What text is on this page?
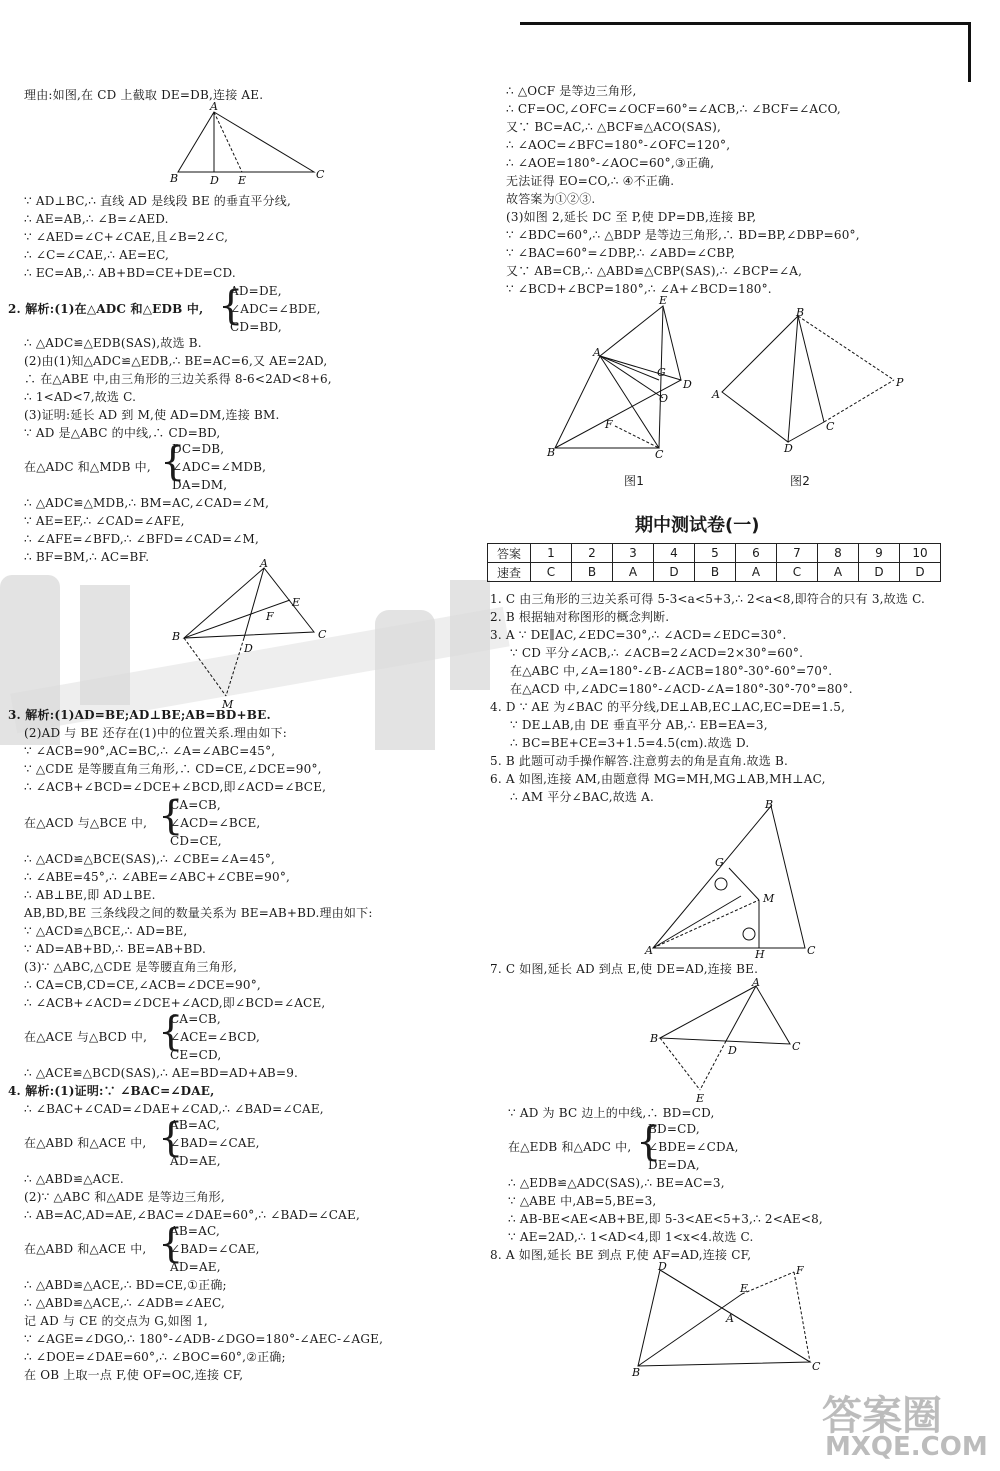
理由:如图,在 CD 上截取 DE=DB,连接 AE.
A
B	D E	C
∵ AD⊥BC,∴ 直线 AD 是线段 BE 的垂直平分线,
∴ AE=AB,∴ ∠B=∠AED.
∵ ∠AED=∠C+∠CAE,且∠B=2∠C,
∴ ∠C=∠CAE,∴ AE=EC,
∴ EC=AB,∴ AB+BD=CE+DE=CD.
2. 解析:(1)在△ADC 和△EDB 中, {
AD=DE,
∠ADC=∠BDE,
CD=BD,
∴ △ADC≌△EDB(SAS),故选 B.
(2)由(1)知△ADC≌△EDB,∴ BE=AC=6,又 AE=2AD,
∴ 在△ABE 中,由三角形的三边关系得 8-6<2AD<8+6,
∴ 1<AD<7,故选 C.
(3)证明:延长 AD 到 M,使 AD=DM,连接 BM.
∵ AD 是△ABC 的中线,∴ CD=BD,
{
DC=DB,
在△ADC 和△MDB 中, ∠ADC=∠MDB,
DA=DM,
∴ △ADC≌△MDB,∴ BM=AC,∠CAD=∠M,
∵ AE=EF,∴ ∠CAD=∠AFE,
∴ ∠AFE=∠BFD,∴ ∠BFD=∠CAD=∠M,
∴ BF=BM,∴ AC=BF.	A
B	C
D
E
F
M
3. 解析:(1)AD=BE;AD⊥BE;AB=BD+BE.
(2)AD 与 BE 还存在(1)中的位置关系.理由如下:
∵ ∠ACB=90°,AC=BC,∴ ∠A=∠ABC=45°,
∵ △CDE 是等腰直角三角形,∴ CD=CE,∠DCE=90°,
∴ ∠ACB+∠BCD=∠DCE+∠BCD,即∠ACD=∠BCE,
{
CA=CB,
在△ACD 与△BCE 中, ∠ACD=∠BCE,
CD=CE,
∴ △ACD≌△BCE(SAS),∴ ∠CBE=∠A=45°,
∴ ∠ABE=45°,∴ ∠ABE=∠ABC+∠CBE=90°,
∴ AB⊥BE,即 AD⊥BE.
AB,BD,BE 三条线段之间的数量关系为 BE=AB+BD.理由如下:
∵ △ACD≌△BCE,∴ AD=BE,
∵ AD=AB+BD,∴ BE=AB+BD.
(3)∵ △ABC,△CDE 是等腰直角三角形,
∴ CA=CB,CD=CE,∠ACB=∠DCE=90°,
∴ ∠ACB+∠ACD=∠DCE+∠ACD,即∠BCD=∠ACE,
{
CA=CB,
在△ACE 与△BCD 中, ∠ACE=∠BCD,
CE=CD,
∴ △ACE≌△BCD(SAS),∴ AE=BD=AD+AB=9.
4. 解析:(1)证明:∵ ∠BAC=∠DAE,
∴ ∠BAC+∠CAD=∠DAE+∠CAD,∴ ∠BAD=∠CAE,
{
AB=AC,
在△ABD 和△ACE 中, ∠BAD=∠CAE,
AD=AE,
∴ △ABD≌△ACE.
(2)∵ △ABC 和△ADE 是等边三角形,
∴ AB=AC,AD=AE,∠BAC=∠DAE=60°,∴ ∠BAD=∠CAE,
{
AB=AC,
在△ABD 和△ACE 中, ∠BAD=∠CAE,
AD=AE,
∴ △ABD≌△ACE,∴ BD=CE,①正确;
∴ △ABD≌△ACE,∴ ∠ADB=∠AEC,
记 AD 与 CE 的交点为 G,如图 1,
∵ ∠AGE=∠DGO,∴ 180°-∠ADB-∠DGO=180°-∠AEC-∠AGE,
∴ ∠DOE=∠DAE=60°,∴ ∠BOC=60°,②正确;
在 OB 上取一点 F,使 OF=OC,连接 CF,
∴ △OCF 是等边三角形,
∴ CF=OC,∠OFC=∠OCF=60°=∠ACB,∴ ∠BCF=∠ACO,
又∵ BC=AC,∴ △BCF≌△ACO(SAS),
∴ ∠AOC=∠BFC=180°-∠OFC=120°,
∴ ∠AOE=180°-∠AOC=60°,③正确,
无法证得 EO=CO,∴ ④不正确.
故答案为①②③.
(3)如图 2,延长 DC 至 P,使 DP=DB,连接 BP,
∵ ∠BDC=60°,∴ △BDP 是等边三角形,∴ BD=BP,∠DBP=60°,
∵ ∠BAC=60°=∠DBP,∴ ∠ABD=∠CBP,
又∵ AB=CB,∴ △ABD≌△CBP(SAS),∴ ∠BCP=∠A,
∵ ∠BCD+∠BCP=180°,∴ ∠A+∠BCD=180°.
E
A
G
D
O
F
B	C
图1
B
A
P
C
D
图2
期中测试卷(一)
答案	1	2	3	4	5	6	7	8	9	10
速查	C	B	A	D	B	A	C	A	D	D
1. C 由三角形的三边关系可得 5-3<a<5+3,∴ 2<a<8,即符合的只有 3,故选 C.
2. B 根据轴对称图形的概念判断.
3. A ∵ DE∥AC,∠EDC=30°,∴ ∠ACD=∠EDC=30°.
∵ CD 平分∠ACB,∴ ∠ACB=2∠ACD=2×30°=60°.
在△ABC 中,∠A=180°-∠B-∠ACB=180°-30°-60°=70°.
在△ACD 中,∠ADC=180°-∠ACD-∠A=180°-30°-70°=80°.
4. D ∵ AE 为∠BAC 的平分线,DE⊥AB,EC⊥AC,EC=DE=1.5,
∵ DE⊥AB,由 DE 垂直平分 AB,∴ EB=EA=3,
∴ BC=BE+CE=3+1.5=4.5(cm).故选 D.
5. B 此题可动手操作解答.注意剪去的角是直角.故选 B.
6. A 如图,连接 AM,由题意得 MG=MH,MG⊥AB,MH⊥AC,
∴ AM 平分∠BAC,故选 A.
B
G
M
A	H	C
7. C 如图,延长 AD 到点 E,使 DE=AD,连接 BE.
A
B
C
D
E
∵ AD 为 BC 边上的中线,∴ BD=CD,
{
BD=CD,
在△EDB 和△ADC 中, ∠BDE=∠CDA,
DE=DA,
∴ △EDB≌△ADC(SAS),∴ BE=AC=3,
∵ △ABE 中,AB=5,BE=3,
∴ AB-BE<AE<AB+BE,即 5-3<AE<5+3,∴ 2<AE<8,
∵ AE=2AD,∴ 1<AD<4,即 1<x<4.故选 C.
8. A 如图,延长 BE 到点 F,使 AF=AD,连接 CF,
D
A
E
F
B	C
答案圈
MXQE.COM
